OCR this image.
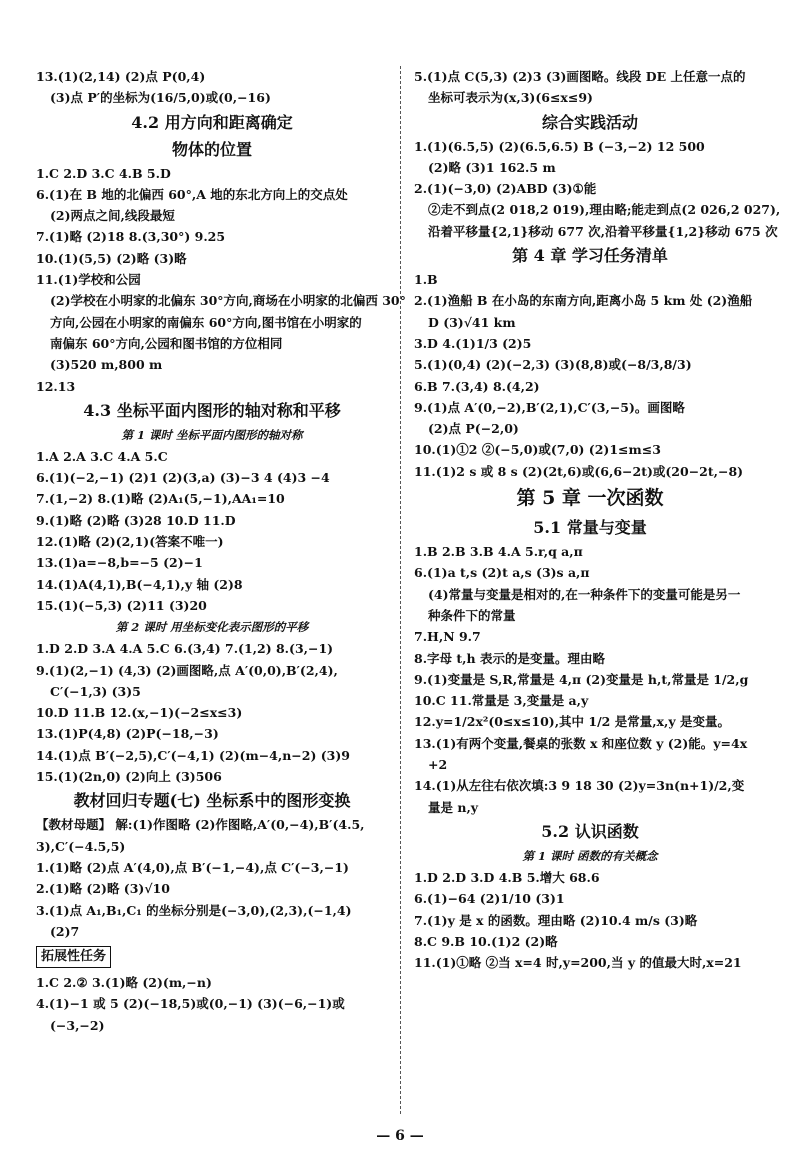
13.(1)(2,14) (2)点 P(0,4)
(3)点 P′的坐标为(16/5,0)或(0,−16)
4.2 用方向和距离确定
物体的位置
1.C 2.D 3.C 4.B 5.D
6.(1)在 B 地的北偏西 60°,A 地的东北方向上的交点处
(2)两点之间,线段最短
7.(1)略 (2)18 8.(3,30°) 9.25
10.(1)(5,5) (2)略 (3)略
11.(1)学校和公园
(2)学校在小明家的北偏东 30°方向,商场在小明家的北偏西 30°
方向,公园在小明家的南偏东 60°方向,图书馆在小明家的
南偏东 60°方向,公园和图书馆的方位相同
(3)520 m,800 m
12.13
4.3 坐标平面内图形的轴对称和平移
第 1 课时 坐标平面内图形的轴对称
1.A 2.A 3.C 4.A 5.C
6.(1)(−2,−1) (2)1 (2)(3,a) (3)−3 4 (4)3 −4
7.(1,−2) 8.(1)略 (2)A₁(5,−1),AA₁=10
9.(1)略 (2)略 (3)28 10.D 11.D
12.(1)略 (2)(2,1)(答案不唯一)
13.(1)a=−8,b=−5 (2)−1
14.(1)A(4,1),B(−4,1),y 轴 (2)8
15.(1)(−5,3) (2)11 (3)20
第 2 课时 用坐标变化表示图形的平移
1.D 2.D 3.A 4.A 5.C 6.(3,4) 7.(1,2) 8.(3,−1)
9.(1)(2,−1) (4,3) (2)画图略,点 A′(0,0),B′(2,4),
C′(−1,3) (3)5
10.D 11.B 12.(x,−1)(−2≤x≤3)
13.(1)P(4,8) (2)P(−18,−3)
14.(1)点 B′(−2,5),C′(−4,1) (2)(m−4,n−2) (3)9
15.(1)(2n,0) (2)向上 (3)506
教材回归专题(七) 坐标系中的图形变换
【教材母题】 解:(1)作图略 (2)作图略,A′(0,−4),B′(4.5,
3),C′(−4.5,5)
1.(1)略 (2)点 A′(4,0),点 B′(−1,−4),点 C′(−3,−1)
2.(1)略 (2)略 (3)√10
3.(1)点 A₁,B₁,C₁ 的坐标分别是(−3,0),(2,3),(−1,4)
(2)7
拓展性任务
1.C 2.② 3.(1)略 (2)(m,−n)
4.(1)−1 或 5 (2)(−18,5)或(0,−1) (3)(−6,−1)或
(−3,−2)
5.(1)点 C(5,3) (2)3 (3)画图略。线段 DE 上任意一点的
坐标可表示为(x,3)(6≤x≤9)
综合实践活动
1.(1)(6.5,5) (2)(6.5,6.5) B (−3,−2) 12 500
(2)略 (3)1 162.5 m
2.(1)(−3,0) (2)ABD (3)①能
②走不到点(2 018,2 019),理由略;能走到点(2 026,2 027),
沿着平移量{2,1}移动 677 次,沿着平移量{1,2}移动 675 次
第 4 章 学习任务清单
1.B
2.(1)渔船 B 在小岛的东南方向,距离小岛 5 km 处 (2)渔船
D (3)√41 km
3.D 4.(1)1/3 (2)5
5.(1)(0,4) (2)(−2,3) (3)(8,8)或(−8/3,8/3)
6.B 7.(3,4) 8.(4,2)
9.(1)点 A′(0,−2),B′(2,1),C′(3,−5)。画图略
(2)点 P(−2,0)
10.(1)①2 ②(−5,0)或(7,0) (2)1≤m≤3
11.(1)2 s 或 8 s (2)(2t,6)或(6,6−2t)或(20−2t,−8)
第 5 章 一次函数
5.1 常量与变量
1.B 2.B 3.B 4.A 5.r,q a,π
6.(1)a t,s (2)t a,s (3)s a,π
(4)常量与变量是相对的,在一种条件下的变量可能是另一
种条件下的常量
7.H,N 9.7
8.字母 t,h 表示的是变量。理由略
9.(1)变量是 S,R,常量是 4,π (2)变量是 h,t,常量是 1/2,g
10.C 11.常量是 3,变量是 a,y
12.y=1/2x²(0≤x≤10),其中 1/2 是常量,x,y 是变量。
13.(1)有两个变量,餐桌的张数 x 和座位数 y (2)能。y=4x
+2
14.(1)从左往右依次填:3 9 18 30 (2)y=3n(n+1)/2,变
量是 n,y
5.2 认识函数
第 1 课时 函数的有关概念
1.D 2.D 3.D 4.B 5.增大 68.6
6.(1)−64 (2)1/10 (3)1
7.(1)y 是 x 的函数。理由略 (2)10.4 m/s (3)略
8.C 9.B 10.(1)2 (2)略
11.(1)①略 ②当 x=4 时,y=200,当 y 的值最大时,x=21
— 6 —
